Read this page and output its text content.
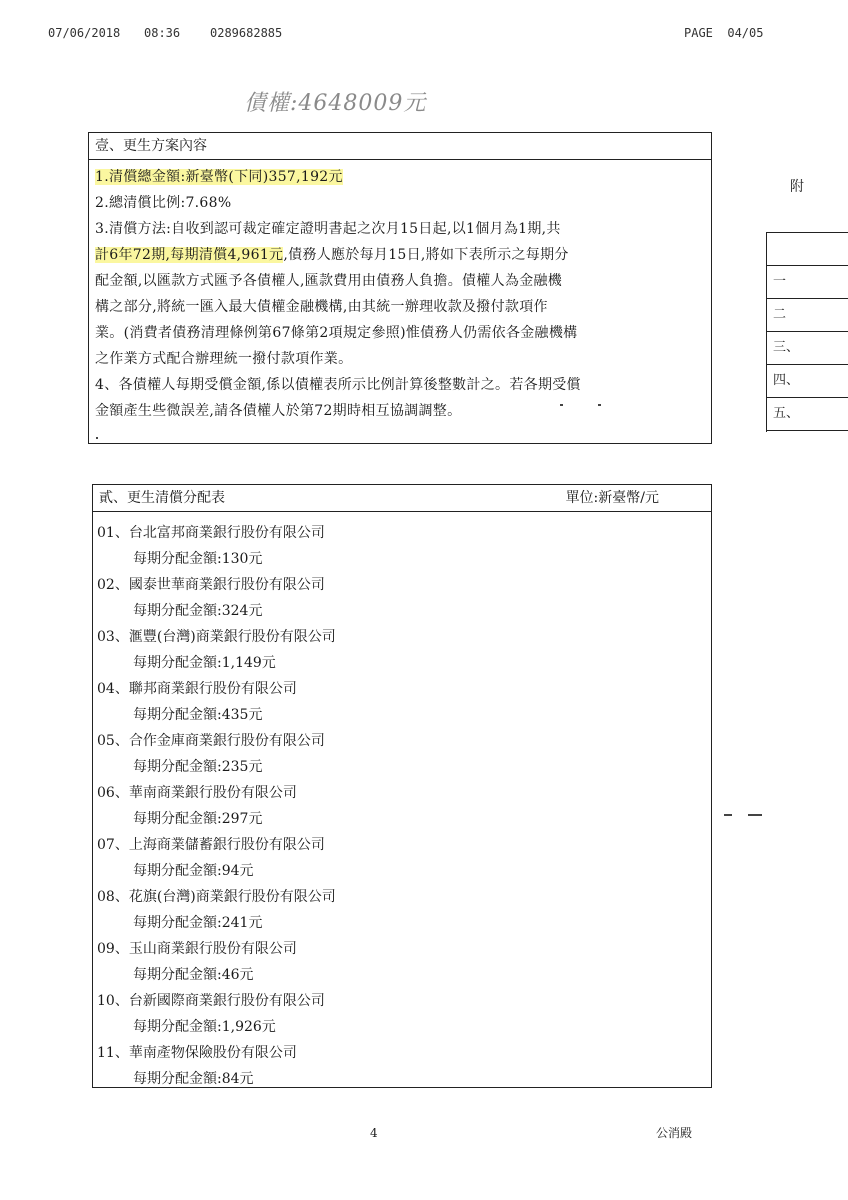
07/06/2018 08:36 0289682885	PAGE  04/05
債權:4648009元
壹、更生方案內容

1.清償總金額:新臺幣(下同)357,192元

2.總清償比例:7.68%

3.清償方法:自收到認可裁定確定證明書起之次月15日起,以1個月為1期,共

計6年72期,每期清償4,961元,債務人應於每月15日,將如下表所示之每期分

配金額,以匯款方式匯予各債權人,匯款費用由債務人負擔。債權人為金融機

構之部分,將統一匯入最大債權金融機構,由其統一辦理收款及撥付款項作

業。(消費者債務清理條例第67條第2項規定參照)惟債務人仍需依各金融機構

之作業方式配合辦理統一撥付款項作業。

4、各債權人每期受償金額,係以債權表所示比例計算後整數計之。若各期受償

金額產生些微誤差,請各債權人於第72期時相互協調調整。

貳、更生清償分配表	單位:新臺幣/元
01、台北富邦商業銀行股份有限公司
每期分配金額:130元
02、國泰世華商業銀行股份有限公司
每期分配金額:324元
03、滙豐(台灣)商業銀行股份有限公司
每期分配金額:1,149元
04、聯邦商業銀行股份有限公司
每期分配金額:435元
05、合作金庫商業銀行股份有限公司
每期分配金額:235元
06、華南商業銀行股份有限公司
每期分配金額:297元
07、上海商業儲蓄銀行股份有限公司
每期分配金額:94元
08、花旗(台灣)商業銀行股份有限公司
每期分配金額:241元
09、玉山商業銀行股份有限公司
每期分配金額:46元
10、台新國際商業銀行股份有限公司
每期分配金額:1,926元
11、華南產物保險股份有限公司
每期分配金額:84元
4	公消殿
附
一
二
三、
四、
五、
